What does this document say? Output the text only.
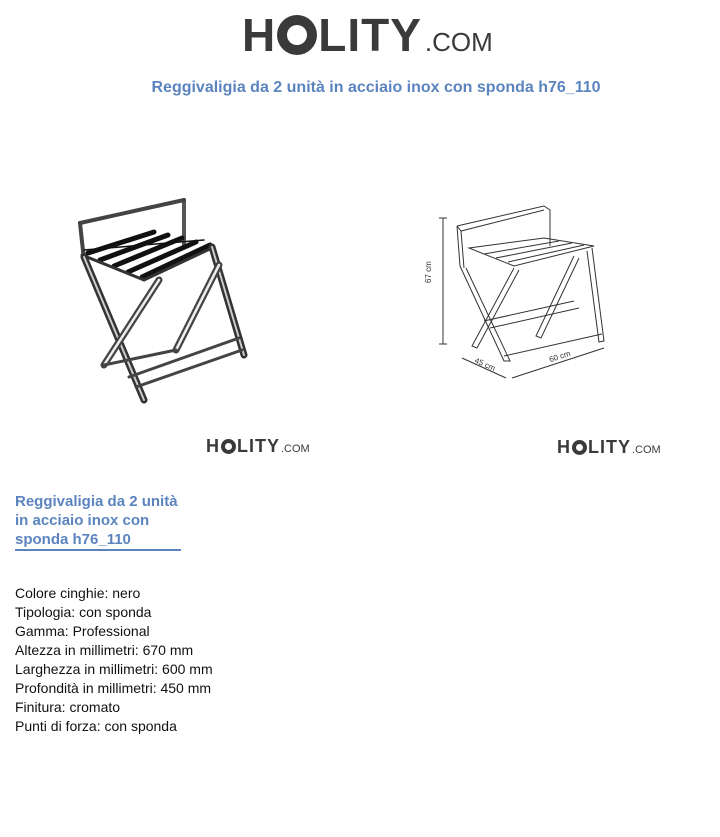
H LITY .COM
Reggivaligia da 2 unità in acciaio inox con sponda h76_110
67 cm
45 cm	60 cm
H LITY .COM	H LITY .COM
Reggivaligia da 2 unità in acciaio inox con sponda h76_110
Colore cinghie: nero
Tipologia: con sponda
Gamma: Professional
Altezza in millimetri: 670 mm
Larghezza in millimetri: 600 mm
Profondità in millimetri: 450 mm
Finitura: cromato
Punti di forza: con sponda
